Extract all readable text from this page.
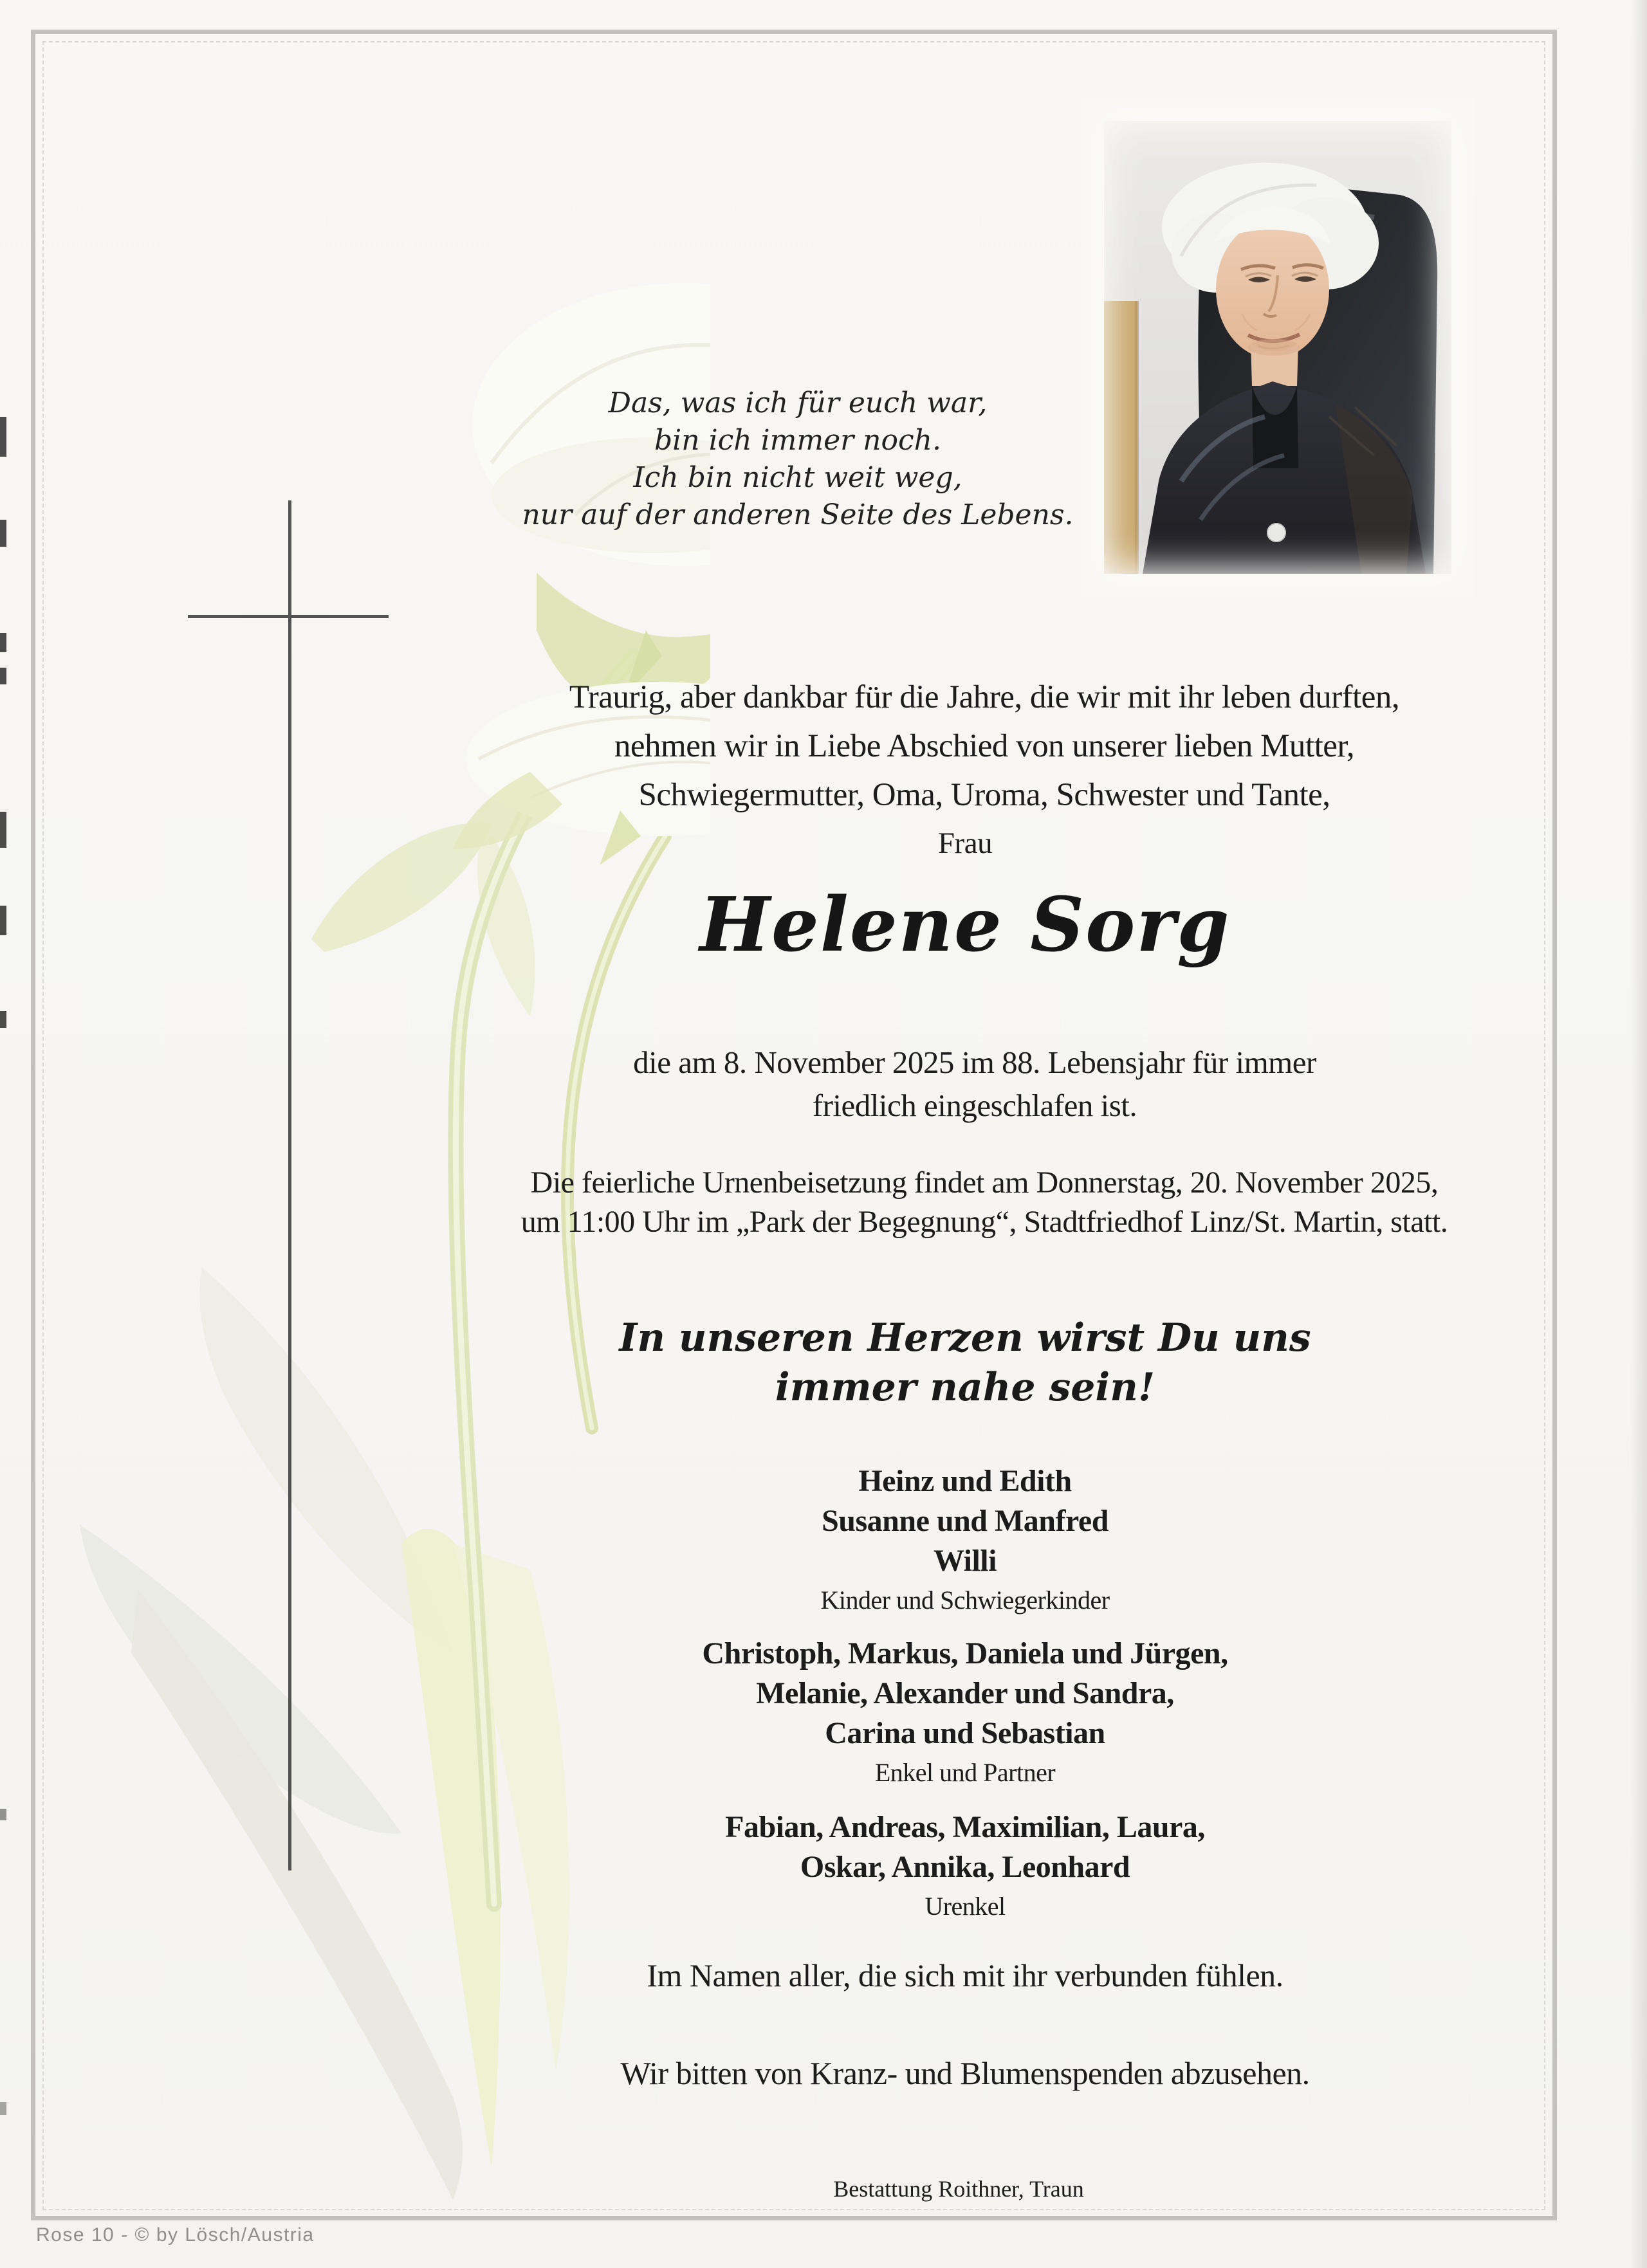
Das, was ich für euch war,
bin ich immer noch.
Ich bin nicht weit weg,
nur auf der anderen Seite des Lebens.
Traurig, aber dankbar für die Jahre, die wir mit ihr leben durften,
nehmen wir in Liebe Abschied von unserer lieben Mutter,
Schwiegermutter, Oma, Uroma, Schwester und Tante,
Frau
Helene Sorg
die am 8. November 2025 im 88. Lebensjahr für immer
friedlich eingeschlafen ist.
Die feierliche Urnenbeisetzung findet am Donnerstag, 20. November 2025,
um 11:00 Uhr im „Park der Begegnung“, Stadtfriedhof Linz/St. Martin, statt.
In unseren Herzen wirst Du uns
immer nahe sein!
Heinz und Edith
Susanne und Manfred
Willi
Kinder und Schwiegerkinder
Christoph, Markus, Daniela und Jürgen,
Melanie, Alexander und Sandra,
Carina und Sebastian
Enkel und Partner
Fabian, Andreas, Maximilian, Laura,
Oskar, Annika, Leonhard
Urenkel
Im Namen aller, die sich mit ihr verbunden fühlen.
Wir bitten von Kranz- und Blumenspenden abzusehen.
Bestattung Roithner, Traun
Rose 10 - © by Lösch/Austria
